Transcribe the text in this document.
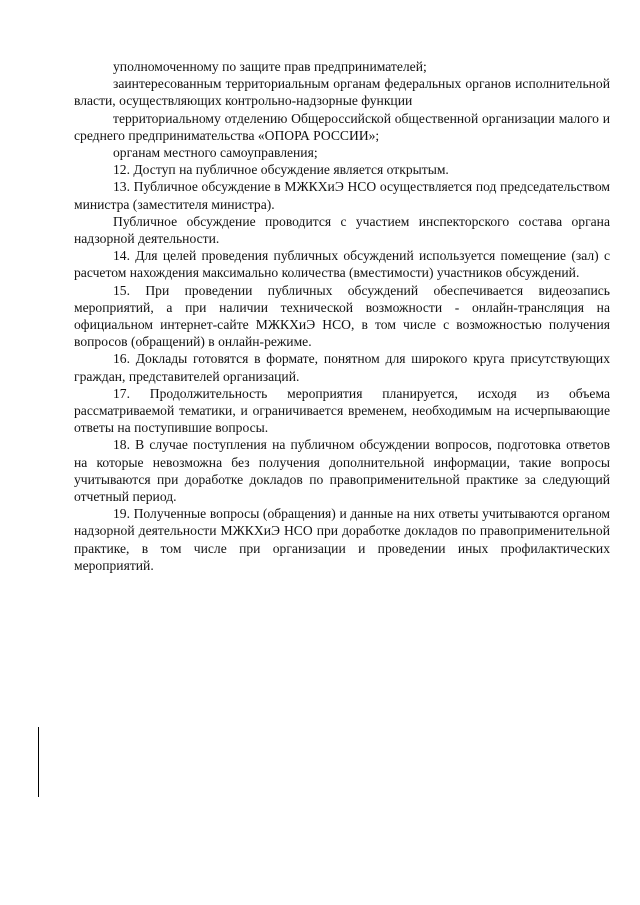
уполномоченному по защите прав предпринимателей;

заинтересованным территориальным органам федеральных органов исполнительной власти, осуществляющих контрольно-надзорные функции

территориальному отделению Общероссийской общественной организации малого и среднего предпринимательства «ОПОРА РОССИИ»;

органам местного самоуправления;

12. Доступ на публичное обсуждение является открытым.

13. Публичное обсуждение в МЖКХиЭ НСО осуществляется под председательством министра (заместителя министра).

Публичное обсуждение проводится с участием инспекторского состава органа надзорной деятельности.

14. Для целей проведения публичных обсуждений используется помещение (зал) с расчетом нахождения максимально количества (вместимости) участников обсуждений.

15. При проведении публичных обсуждений обеспечивается видеозапись мероприятий, а при наличии технической возможности - онлайн-трансляция на официальном интернет-сайте МЖКХиЭ НСО, в том числе с возможностью получения вопросов (обращений) в онлайн-режиме.

16. Доклады готовятся в формате, понятном для широкого круга присутствующих граждан, представителей организаций.

17. Продолжительность мероприятия планируется, исходя из объема рассматриваемой тематики, и ограничивается временем, необходимым на исчерпывающие ответы на поступившие вопросы.

18. В случае поступления на публичном обсуждении вопросов, подготовка ответов на которые невозможна без получения дополнительной информации, такие вопросы учитываются при доработке докладов по правоприменительной практике за следующий отчетный период.

19. Полученные вопросы (обращения) и данные на них ответы учитываются органом надзорной деятельности МЖКХиЭ НСО при доработке докладов по правоприменительной практике, в том числе при организации и проведении иных профилактических мероприятий.
